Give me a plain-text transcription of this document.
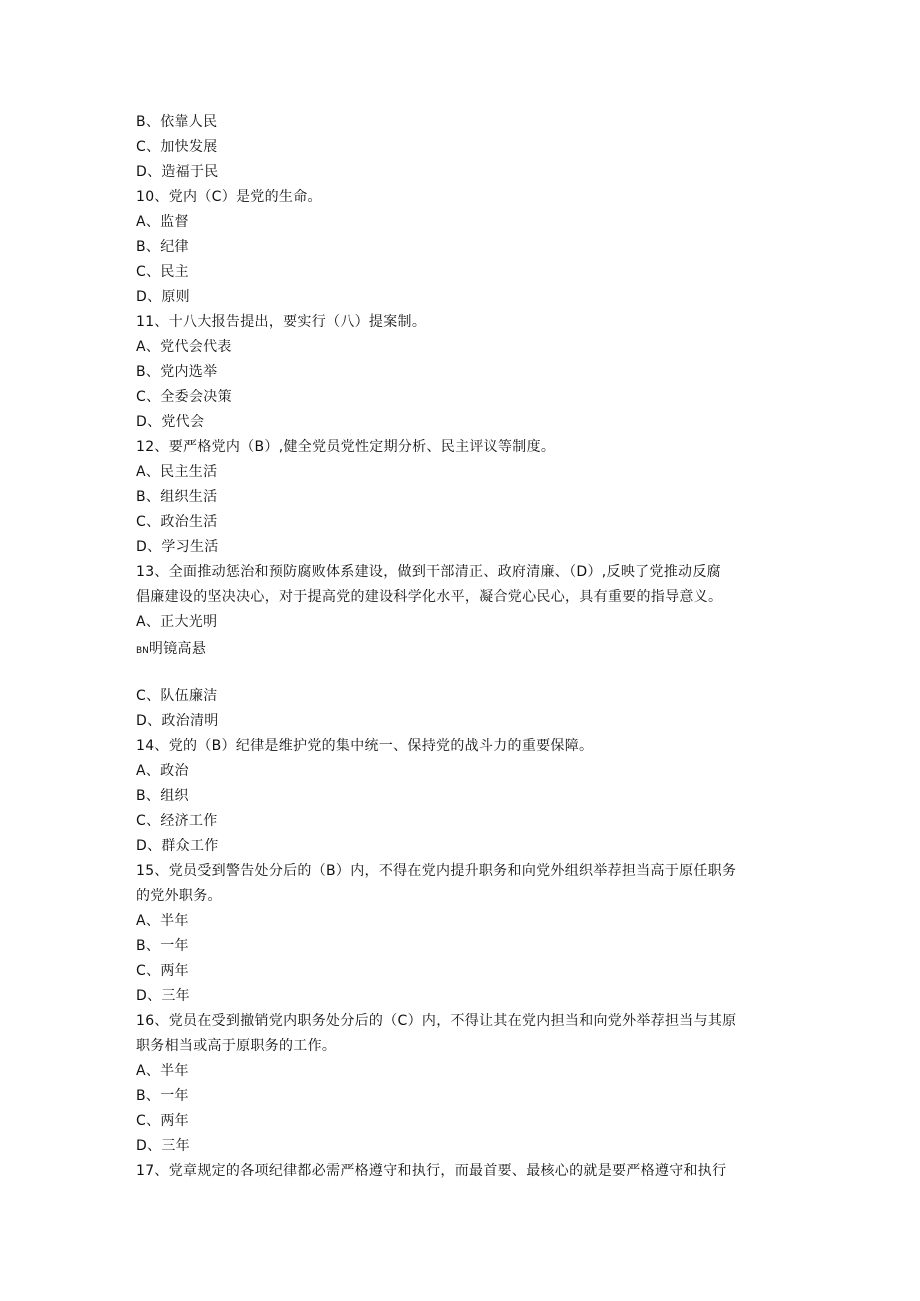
B、依靠人民
C、加快发展
D、造福于民
10、党内（C）是党的生命。
A、监督
B、纪律
C、民主
D、原则
11、十八大报告提出，要实行（八）提案制。
A、党代会代表
B、党内选举
C、全委会决策
D、党代会
12、要严格党内（B）,健全党员党性定期分析、民主评议等制度。
A、民主生活
B、组织生活
C、政治生活
D、学习生活
13、全面推动惩治和预防腐败体系建设，做到干部清正、政府清廉、（D）,反映了党推动反腐
倡廉建设的坚决决心，对于提高党的建设科学化水平，凝合党心民心，具有重要的指导意义。
A、正大光明
BN明镜高悬
C、队伍廉洁
D、政治清明
14、党的（B）纪律是维护党的集中统一、保持党的战斗力的重要保障。
A、政治
B、组织
C、经济工作
D、群众工作
15、党员受到警告处分后的（B）内，不得在党内提升职务和向党外组织举荐担当高于原任职务
的党外职务。
A、半年
B、一年
C、两年
D、三年
16、党员在受到撤销党内职务处分后的（C）内，不得让其在党内担当和向党外举荐担当与其原
职务相当或高于原职务的工作。
A、半年
B、一年
C、两年
D、三年
17、党章规定的各项纪律都必需严格遵守和执行，而最首要、最核心的就是要严格遵守和执行
